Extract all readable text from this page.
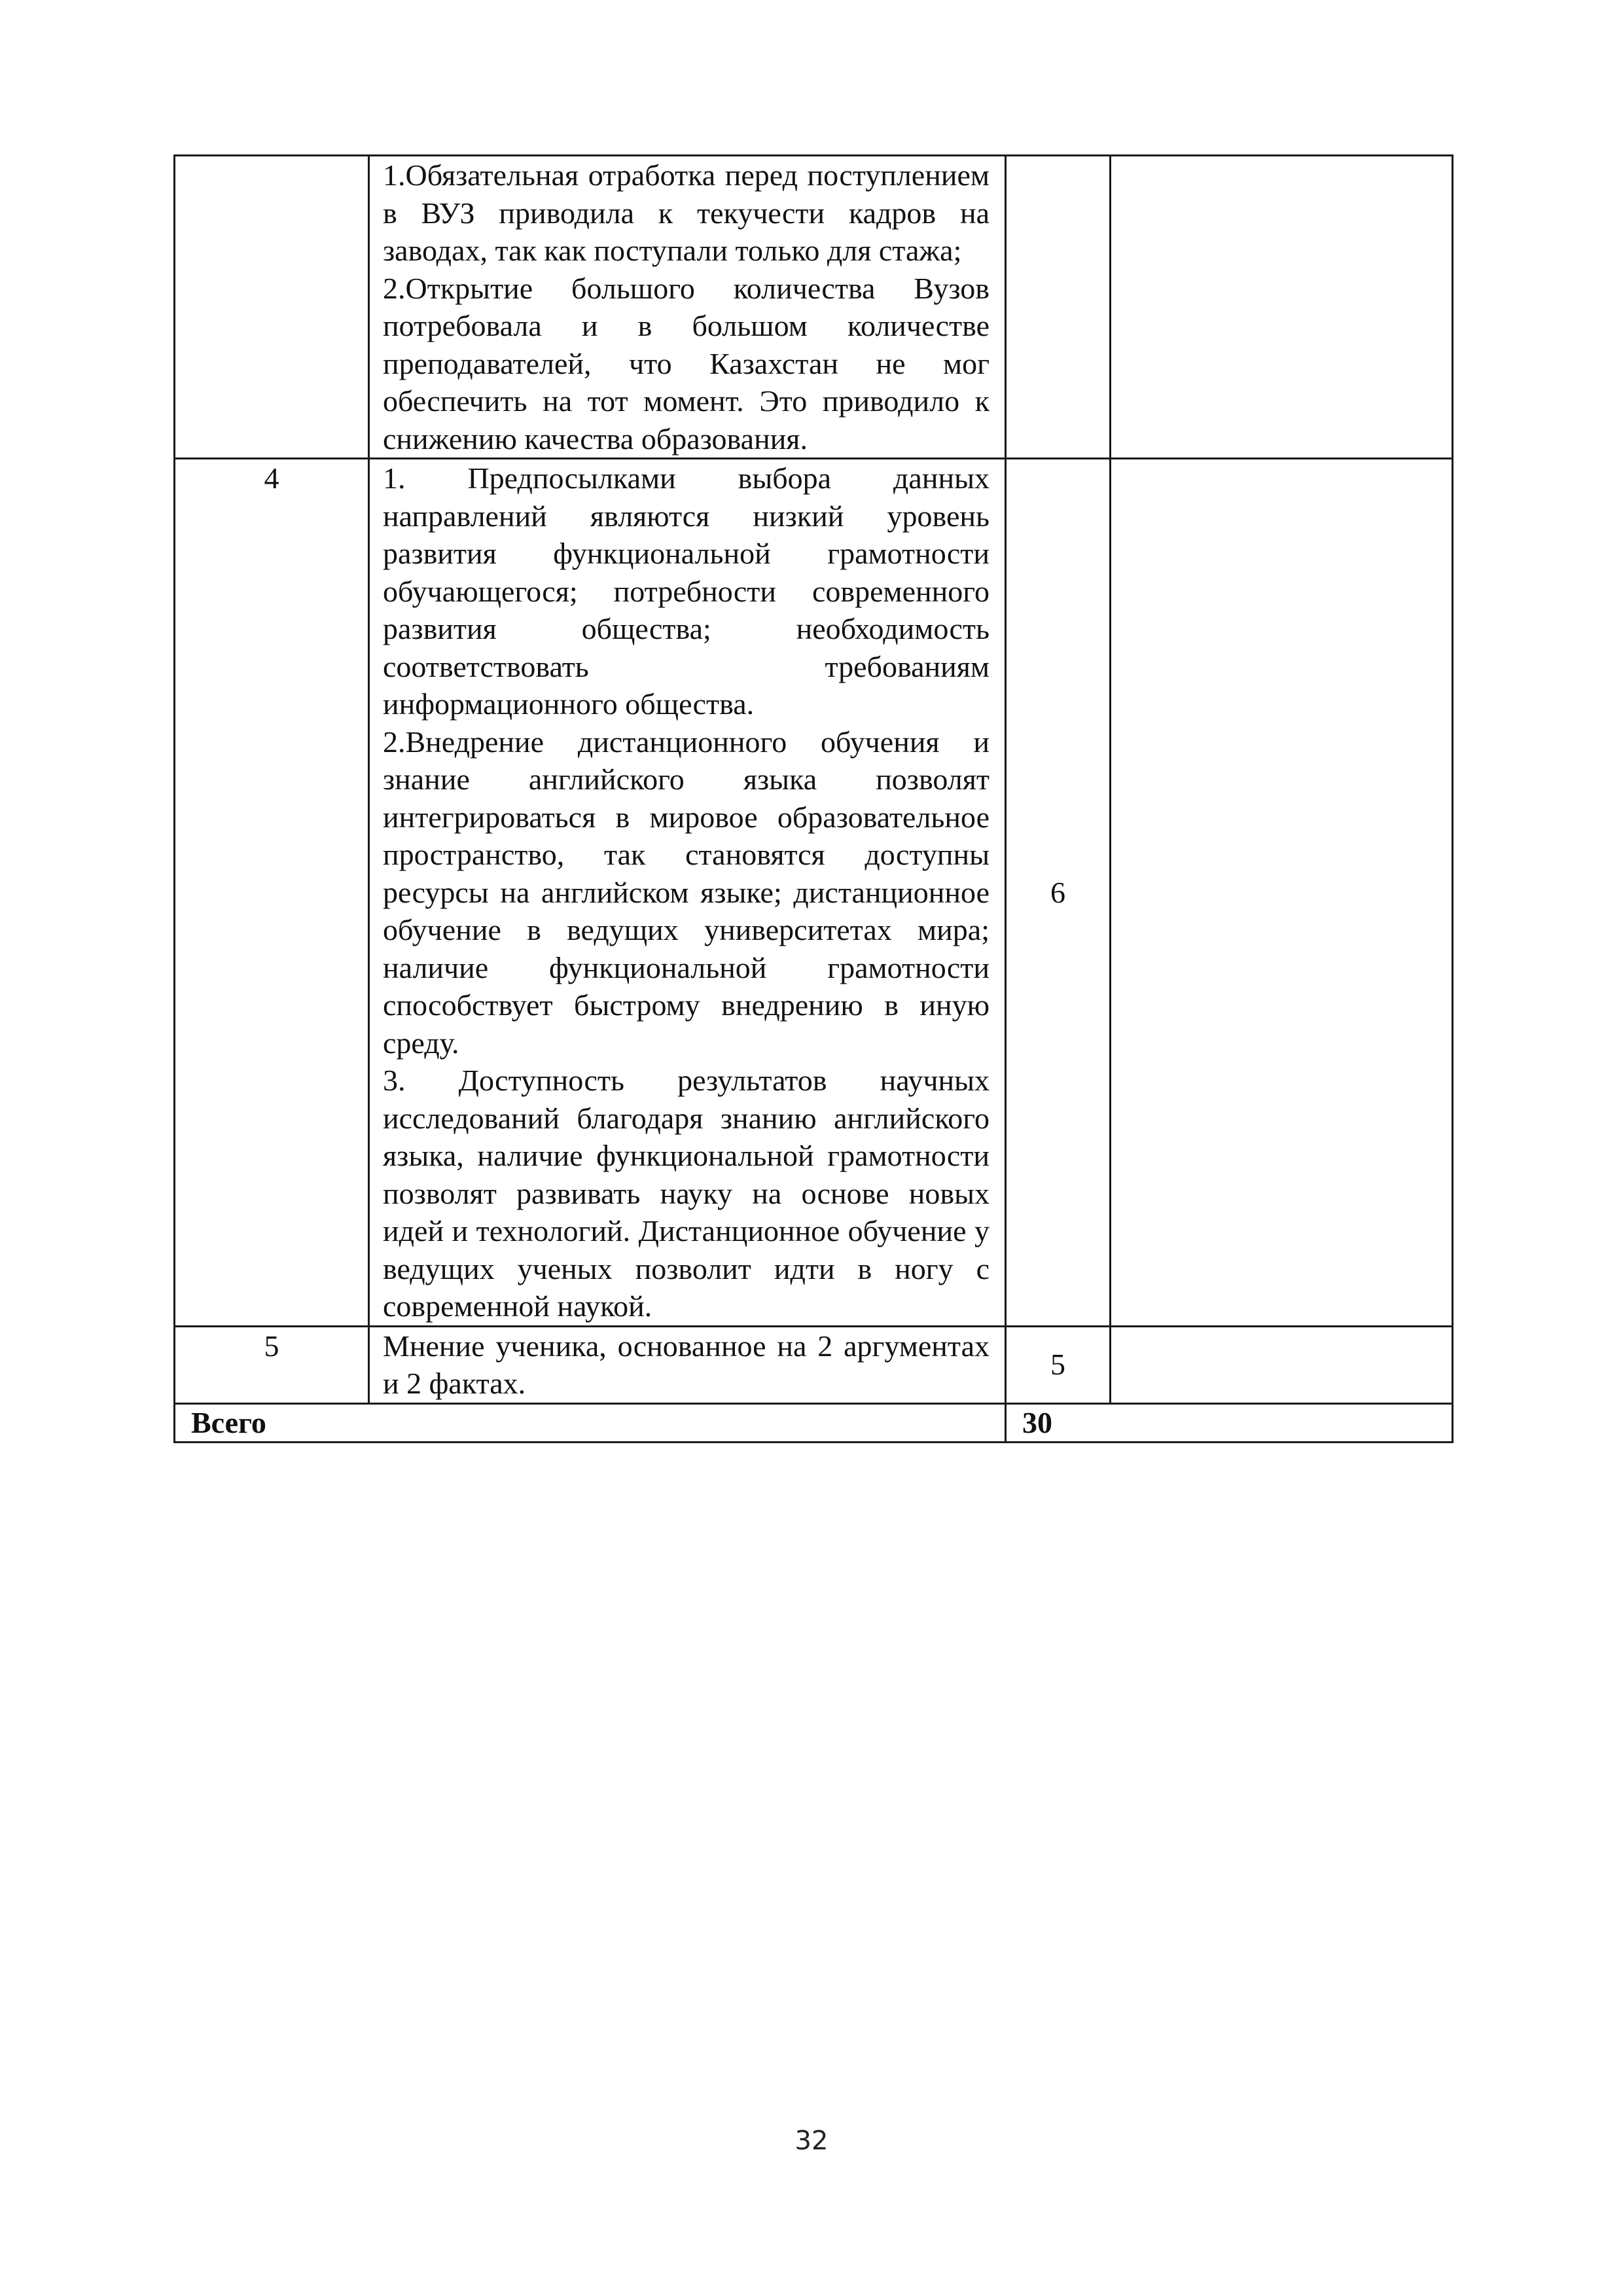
	1.Обязательная отработка перед поступлением в ВУЗ приводила к текучести кадров на заводах, так как поступали только для стажа;

2.Открытие большого количества Вузов потребовала и в большом количестве преподавателей, что Казахстан не мог обеспечить на тот момент. Это приводило к снижению качества образования.		

4	1. Предпосылками выбора данных направлений являются низкий уровень развития функциональной грамотности обучающегося; потребности современного развития общества; необходимость соответствовать требованиям информационного общества.

2.Внедрение дистанционного обучения и знание английского языка позволят интегрироваться в мировое образовательное пространство, так становятся доступны ресурсы на английском языке; дистанционное обучение в ведущих университетах мира; наличие функциональной грамотности способствует быстрому внедрению в иную среду.

3. Доступность результатов научных исследований благодаря знанию английского языка, наличие функциональной грамотности позволят развивать науку на основе новых идей и технологий. Дистанционное обучение у ведущих ученых позволит идти в ногу с современной наукой.	6	
5	Мнение ученика, основанное на 2 аргументах и 2 фактах.	5	
Всего		30	
32
